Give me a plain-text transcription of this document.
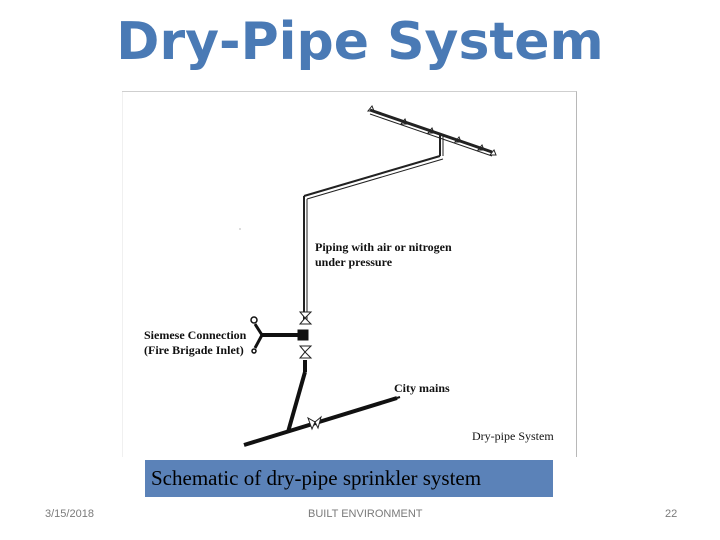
Dry-Pipe System
Piping with air or nitrogen
under pressure
Siemese Connection
(Fire Brigade Inlet)
City mains
Dry-pipe System
Schematic of dry-pipe sprinkler system
3/15/2018	BUILT ENVIRONMENT	22
